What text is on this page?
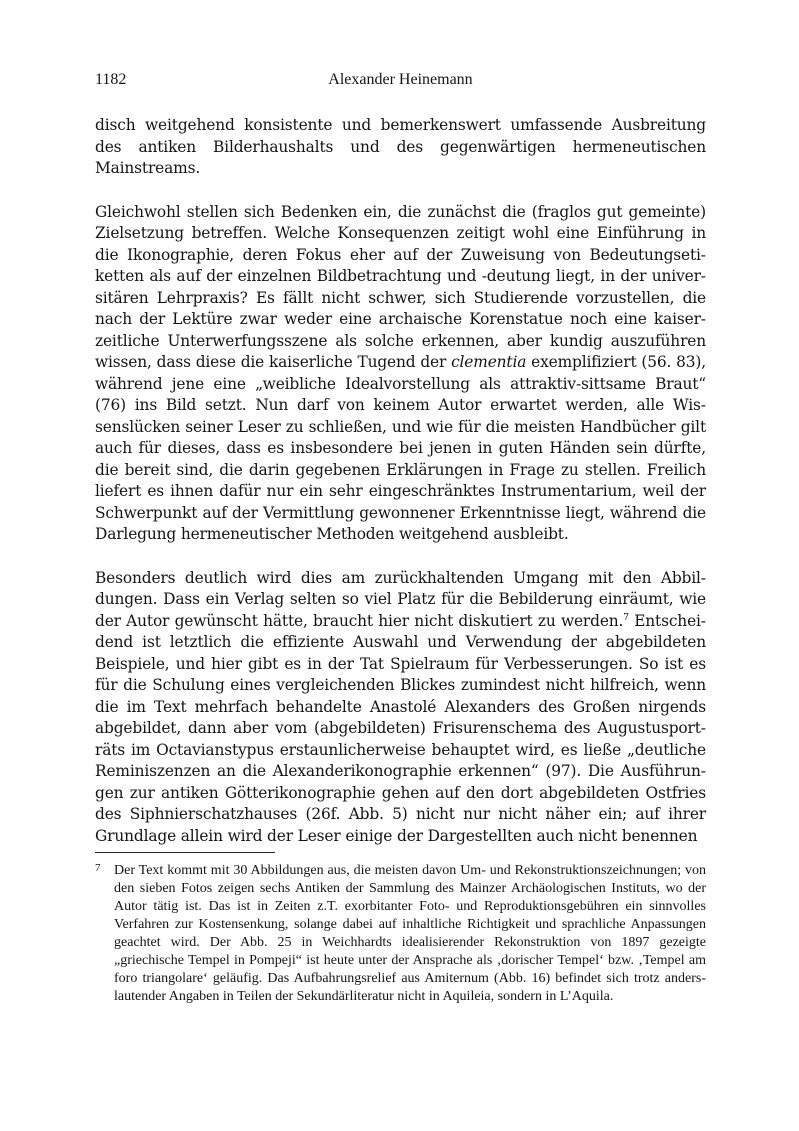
1182	Alexander Heinemann

disch weitgehend konsistente und bemerkenswert umfassende Ausbreitung des antiken Bilderhaushalts und des gegenwärtigen hermeneutischen Mainstreams.

Gleichwohl stellen sich Bedenken ein, die zunächst die (fraglos gut gemeinte) Zielsetzung betreffen. Welche Konsequenzen zeitigt wohl eine Einführung in die Ikonographie, deren Fokus eher auf der Zuweisung von Bedeutungsetiketten als auf der einzelnen Bildbetrachtung und -deutung liegt, in der universitären Lehrpraxis? Es fällt nicht schwer, sich Studierende vorzustellen, die nach der Lektüre zwar weder eine archaische Korenstatue noch eine kaiserzeitliche Unterwerfungsszene als solche erkennen, aber kundig auszuführen wissen, dass diese die kaiserliche Tugend der clementia exemplifiziert (56. 83), während jene eine „weibliche Idealvorstellung als attraktiv-sittsame Braut“ (76) ins Bild setzt. Nun darf von keinem Autor erwartet werden, alle Wissenslücken seiner Leser zu schließen, und wie für die meisten Handbücher gilt auch für dieses, dass es insbesondere bei jenen in guten Händen sein dürfte, die bereit sind, die darin gegebenen Erklärungen in Frage zu stellen. Freilich liefert es ihnen dafür nur ein sehr eingeschränktes Instrumentarium, weil der Schwerpunkt auf der Vermittlung gewonnener Erkenntnisse liegt, während die Darlegung hermeneutischer Methoden weitgehend ausbleibt.

Besonders deutlich wird dies am zurückhaltenden Umgang mit den Abbildungen. Dass ein Verlag selten so viel Platz für die Bebilderung einräumt, wie der Autor gewünscht hätte, braucht hier nicht diskutiert zu werden.$^7$ Entscheidend ist letztlich die effiziente Auswahl und Verwendung der abgebildeten Beispiele, und hier gibt es in der Tat Spielraum für Verbesserungen. So ist es für die Schulung eines vergleichenden Blickes zumindest nicht hilfreich, wenn die im Text mehrfach behandelte Anastolé Alexanders des Großen nirgends abgebildet, dann aber vom (abgebildeten) Frisurenschema des Augustusporträts im Octavianstypus erstaunlicherweise behauptet wird, es ließe „deutliche Reminiszenzen an die Alexanderikonographie erkennen“ (97). Die Ausführungen zur antiken Götterikonographie gehen auf den dort abgebildeten Ostfries des Siphnierschatzhauses (26f. Abb. 5) nicht nur nicht näher ein; auf ihrer Grundlage allein wird der Leser einige der Dargestellten auch nicht benennen

7 Der Text kommt mit 30 Abbildungen aus, die meisten davon Um- und Rekonstruktionszeichnungen; von den sieben Fotos zeigen sechs Antiken der Sammlung des Mainzer Archäologischen Instituts, wo der Autor tätig ist. Das ist in Zeiten z.T. exorbitanter Foto- und Reproduktionsgebühren ein sinnvolles Verfahren zur Kostensenkung, solange dabei auf inhaltliche Richtigkeit und sprachliche Anpassungen geachtet wird. Der Abb. 25 in Weichhardts idealisierender Rekonstruktion von 1897 gezeigte „griechische Tempel in Pompeji“ ist heute unter der Ansprache als ‚dorischer Tempel‘ bzw. ‚Tempel am foro triangolare‘ geläufig. Das Aufbahrungsrelief aus Amiternum (Abb. 16) befindet sich trotz anderslautender Angaben in Teilen der Sekundärliteratur nicht in Aquileia, sondern in L’Aquila.
